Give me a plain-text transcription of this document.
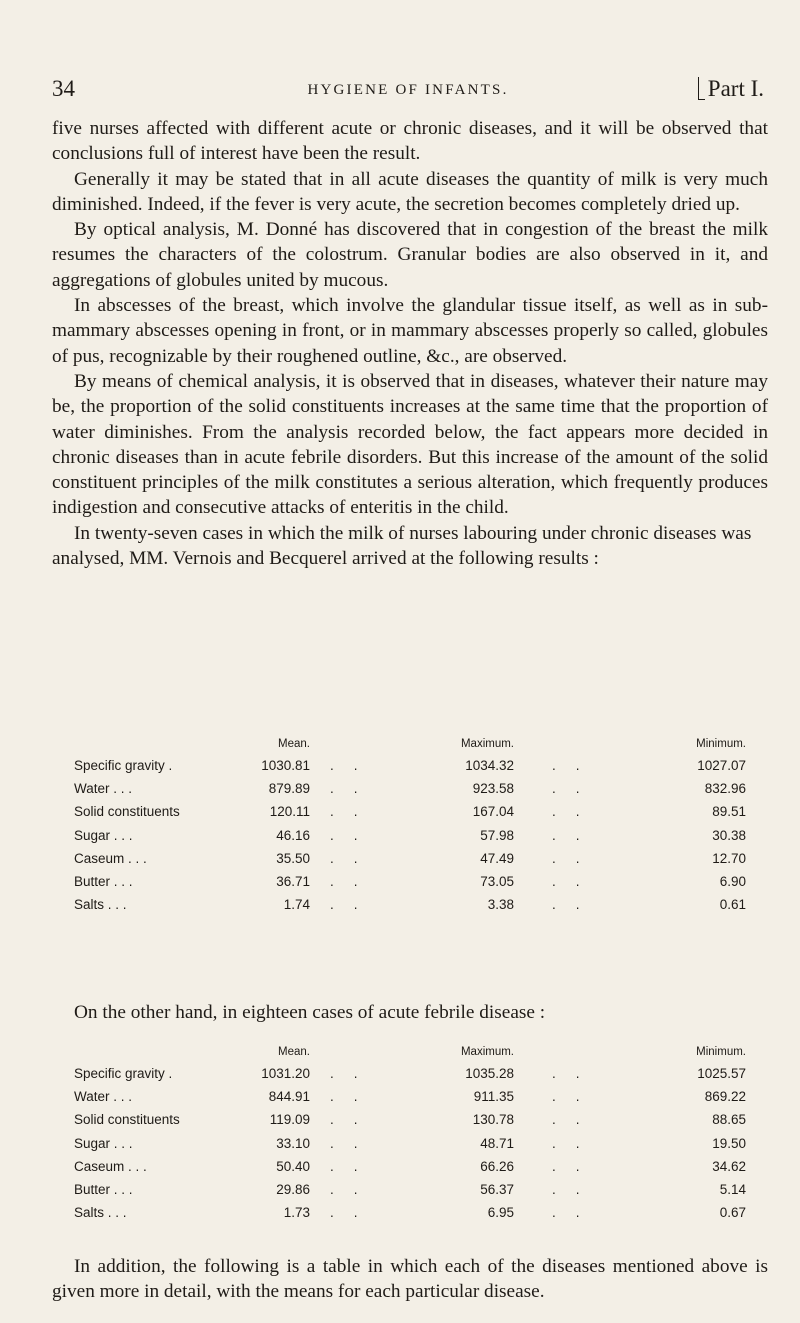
34	HYGIENE OF INFANTS.	Part I.

five nurses affected with different acute or chronic diseases, and it will be observed that conclusions full of interest have been the result.

Generally it may be stated that in all acute diseases the quantity of milk is very much diminished. Indeed, if the fever is very acute, the secretion becomes completely dried up.

By optical analysis, M. Donné has discovered that in congestion of the breast the milk resumes the characters of the colostrum. Granular bodies are also observed in it, and aggregations of globules united by mucous.

In abscesses of the breast, which involve the glandular tissue itself, as well as in sub-mammary abscesses opening in front, or in mammary abscesses properly so called, globules of pus, recognizable by their roughened outline, &c., are observed.

By means of chemical analysis, it is observed that in diseases, whatever their nature may be, the proportion of the solid constituents increases at the same time that the proportion of water diminishes. From the analysis recorded below, the fact appears more decided in chronic diseases than in acute febrile disorders. But this increase of the amount of the solid constituent principles of the milk constitutes a serious alteration, which frequently produces indigestion and consecutive attacks of enteritis in the child.

In twenty-seven cases in which the milk of nurses labouring under chronic diseases was analysed, MM. Vernois and Becquerel arrived at the following results :

Mean.	Maximum.	Minimum.
Specific gravity .	1030.81 ..	1034.32	..	1027.07
Water . . .	879.89 ..	923.58	..	832.96
Solid constituents	120.11 ..	167.04	..	89.51
Sugar . . .	46.16 ..	57.98	..	30.38
Caseum . . .	35.50 ..	47.49	..	12.70
Butter . . .	36.71 ..	73.05	..	6.90
Salts . . .	1.74 ..	3.38	..	0.61
On the other hand, in eighteen cases of acute febrile disease :
Mean.	Maximum.	Minimum.
Specific gravity .	1031.20 ..	1035.28	..	1025.57
Water . . .	844.91 ..	911.35	..	869.22
Solid constituents	119.09 ..	130.78	..	88.65
Sugar . . .	33.10 ..	48.71	..	19.50
Caseum . . .	50.40 ..	66.26	..	34.62
Butter . . .	29.86 ..	56.37	..	5.14
Salts . . .	1.73 ..	6.95	..	0.67

In addition, the following is a table in which each of the diseases mentioned above is given more in detail, with the means for each particular disease.
